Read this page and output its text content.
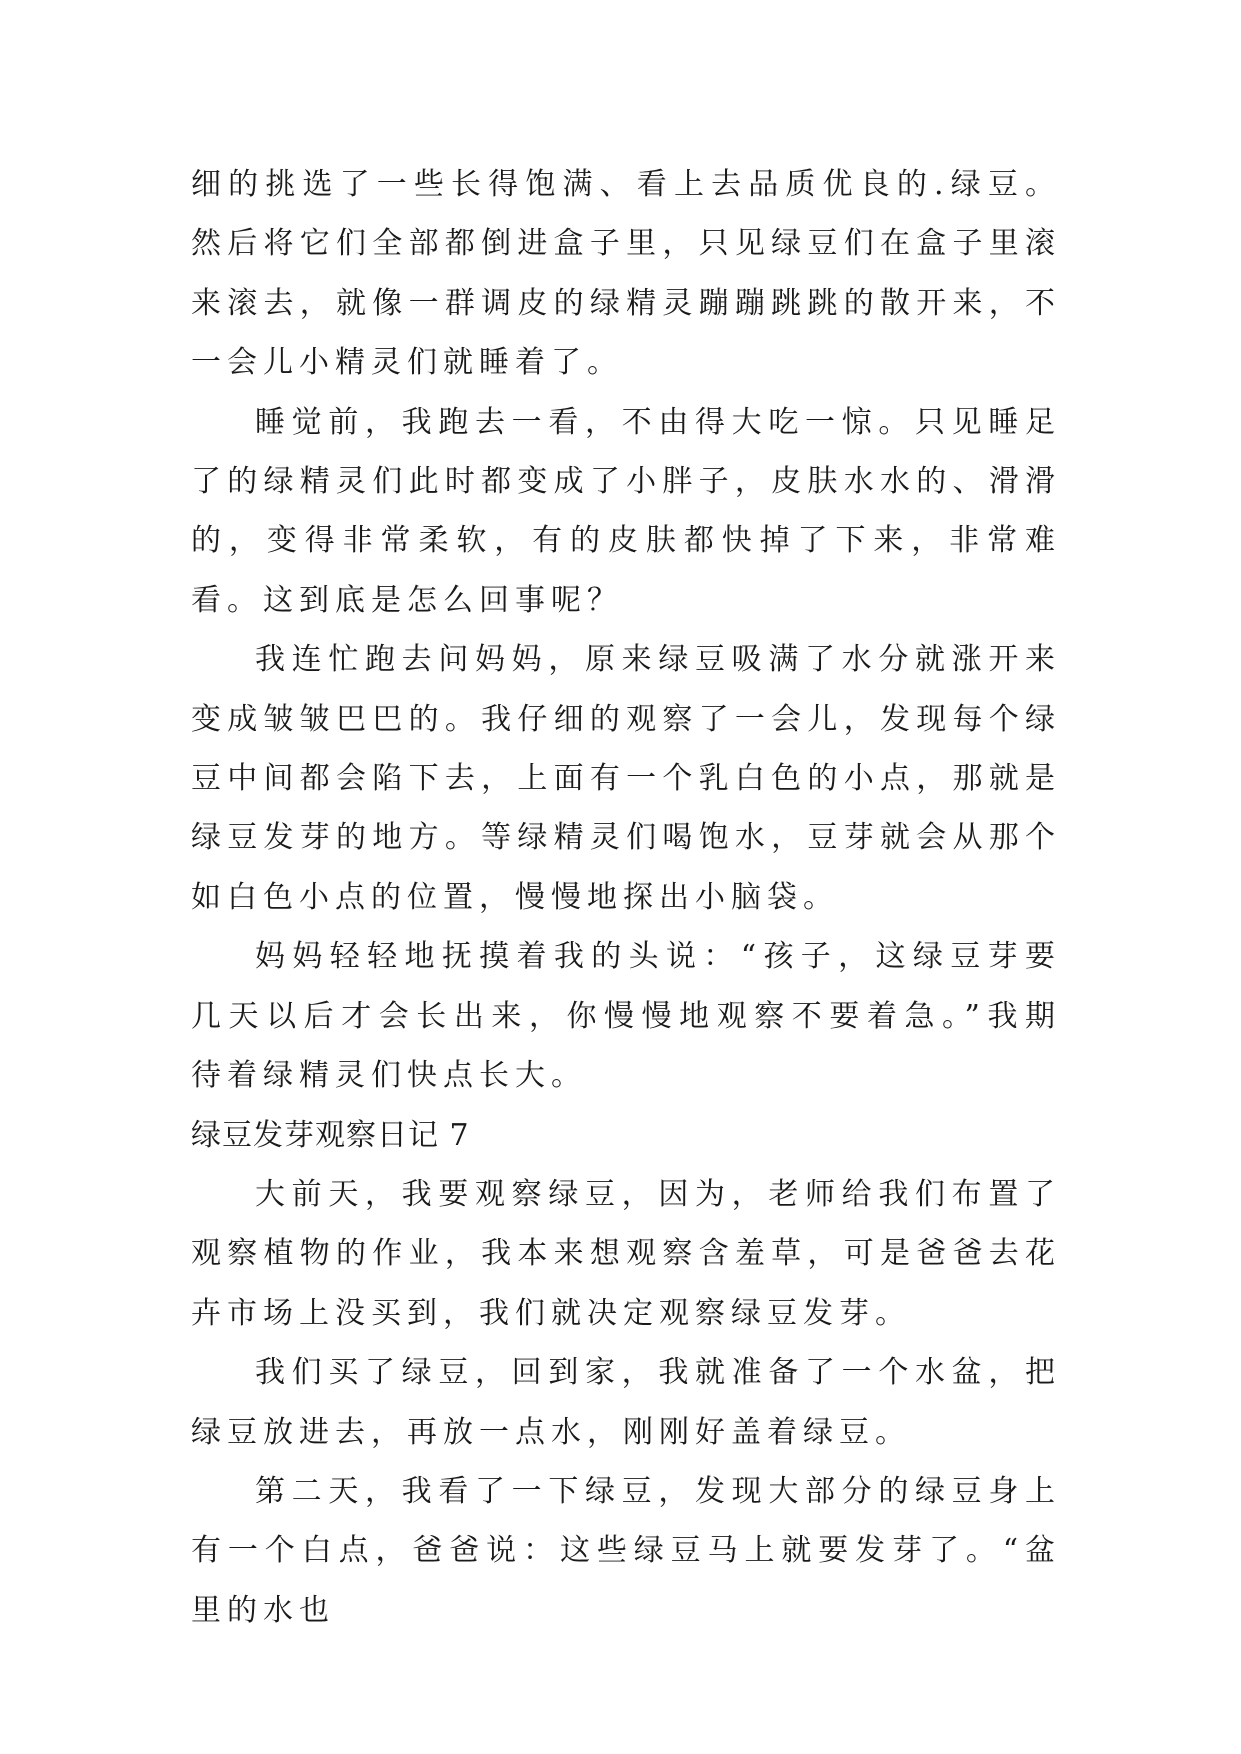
细的挑选了一些长得饱满、看上去品质优良的.绿豆。然后将它们全部都倒进盒子里，只见绿豆们在盒子里滚来滚去，就像一群调皮的绿精灵蹦蹦跳跳的散开来，不一会儿小精灵们就睡着了。

睡觉前，我跑去一看，不由得大吃一惊。只见睡足了的绿精灵们此时都变成了小胖子，皮肤水水的、滑滑的，变得非常柔软，有的皮肤都快掉了下来，非常难看。这到底是怎么回事呢？

我连忙跑去问妈妈，原来绿豆吸满了水分就涨开来变成皱皱巴巴的。我仔细的观察了一会儿，发现每个绿豆中间都会陷下去，上面有一个乳白色的小点，那就是绿豆发芽的地方。等绿精灵们喝饱水，豆芽就会从那个如白色小点的位置，慢慢地探出小脑袋。

妈妈轻轻地抚摸着我的头说：“孩子，这绿豆芽要几天以后才会长出来，你慢慢地观察不要着急。”我期待着绿精灵们快点长大。

绿豆发芽观察日记 7

大前天，我要观察绿豆，因为，老师给我们布置了观察植物的作业，我本来想观察含羞草，可是爸爸去花卉市场上没买到，我们就决定观察绿豆发芽。

我们买了绿豆，回到家，我就准备了一个水盆，把绿豆放进去，再放一点水，刚刚好盖着绿豆。

第二天，我看了一下绿豆，发现大部分的绿豆身上有一个白点，爸爸说：这些绿豆马上就要发芽了。“盆里的水也
